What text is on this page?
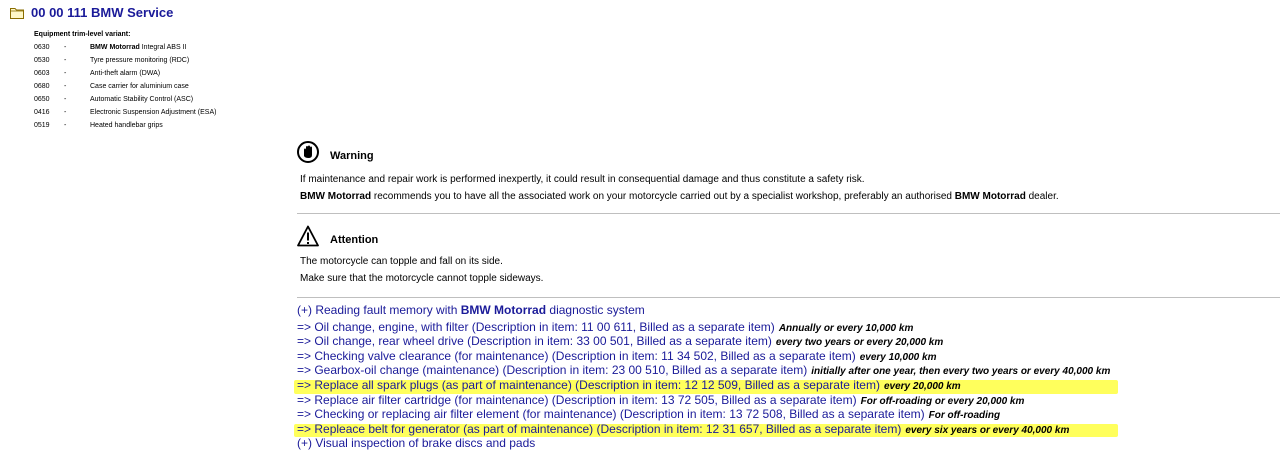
00 00 111 BMW Service
Equipment trim-level variant:
0630	-	BMW Motorrad Integral ABS II
0530	-	Tyre pressure monitoring (RDC)
0603	-	Anti-theft alarm (DWA)
0680	-	Case carrier for aluminium case
0650	-	Automatic Stability Control (ASC)
0416	-	Electronic Suspension Adjustment (ESA)
0519	-	Heated handlebar grips
Warning

If maintenance and repair work is performed inexpertly, it could result in consequential damage and thus constitute a safety risk.

BMW Motorrad recommends you to have all the associated work on your motorcycle carried out by a specialist workshop, preferably an authorised BMW Motorrad dealer.

Attention

The motorcycle can topple and fall on its side.

Make sure that the motorcycle cannot topple sideways.

(+) Reading fault memory with BMW Motorrad diagnostic system
=> Oil change, engine, with filter (Description in item: 11 00 611, Billed as a separate item) Annually or every 10,000 km
=> Oil change, rear wheel drive (Description in item: 33 00 501, Billed as a separate item) every two years or every 20,000 km
=> Checking valve clearance (for maintenance) (Description in item: 11 34 502, Billed as a separate item) every 10,000 km
=> Gearbox-oil change (maintenance) (Description in item: 23 00 510, Billed as a separate item) initially after one year, then every two years or every 40,000 km
=> Replace all spark plugs (as part of maintenance) (Description in item: 12 12 509, Billed as a separate item) every 20,000 km
=> Replace air filter cartridge (for maintenance) (Description in item: 13 72 505, Billed as a separate item) For off-roading or every 20,000 km
=> Checking or replacing air filter element (for maintenance) (Description in item: 13 72 508, Billed as a separate item) For off-roading
=> Repleace belt for generator (as part of maintenance) (Description in item: 12 31 657, Billed as a separate item) every six years or every 40,000 km
(+) Visual inspection of brake discs and pads
